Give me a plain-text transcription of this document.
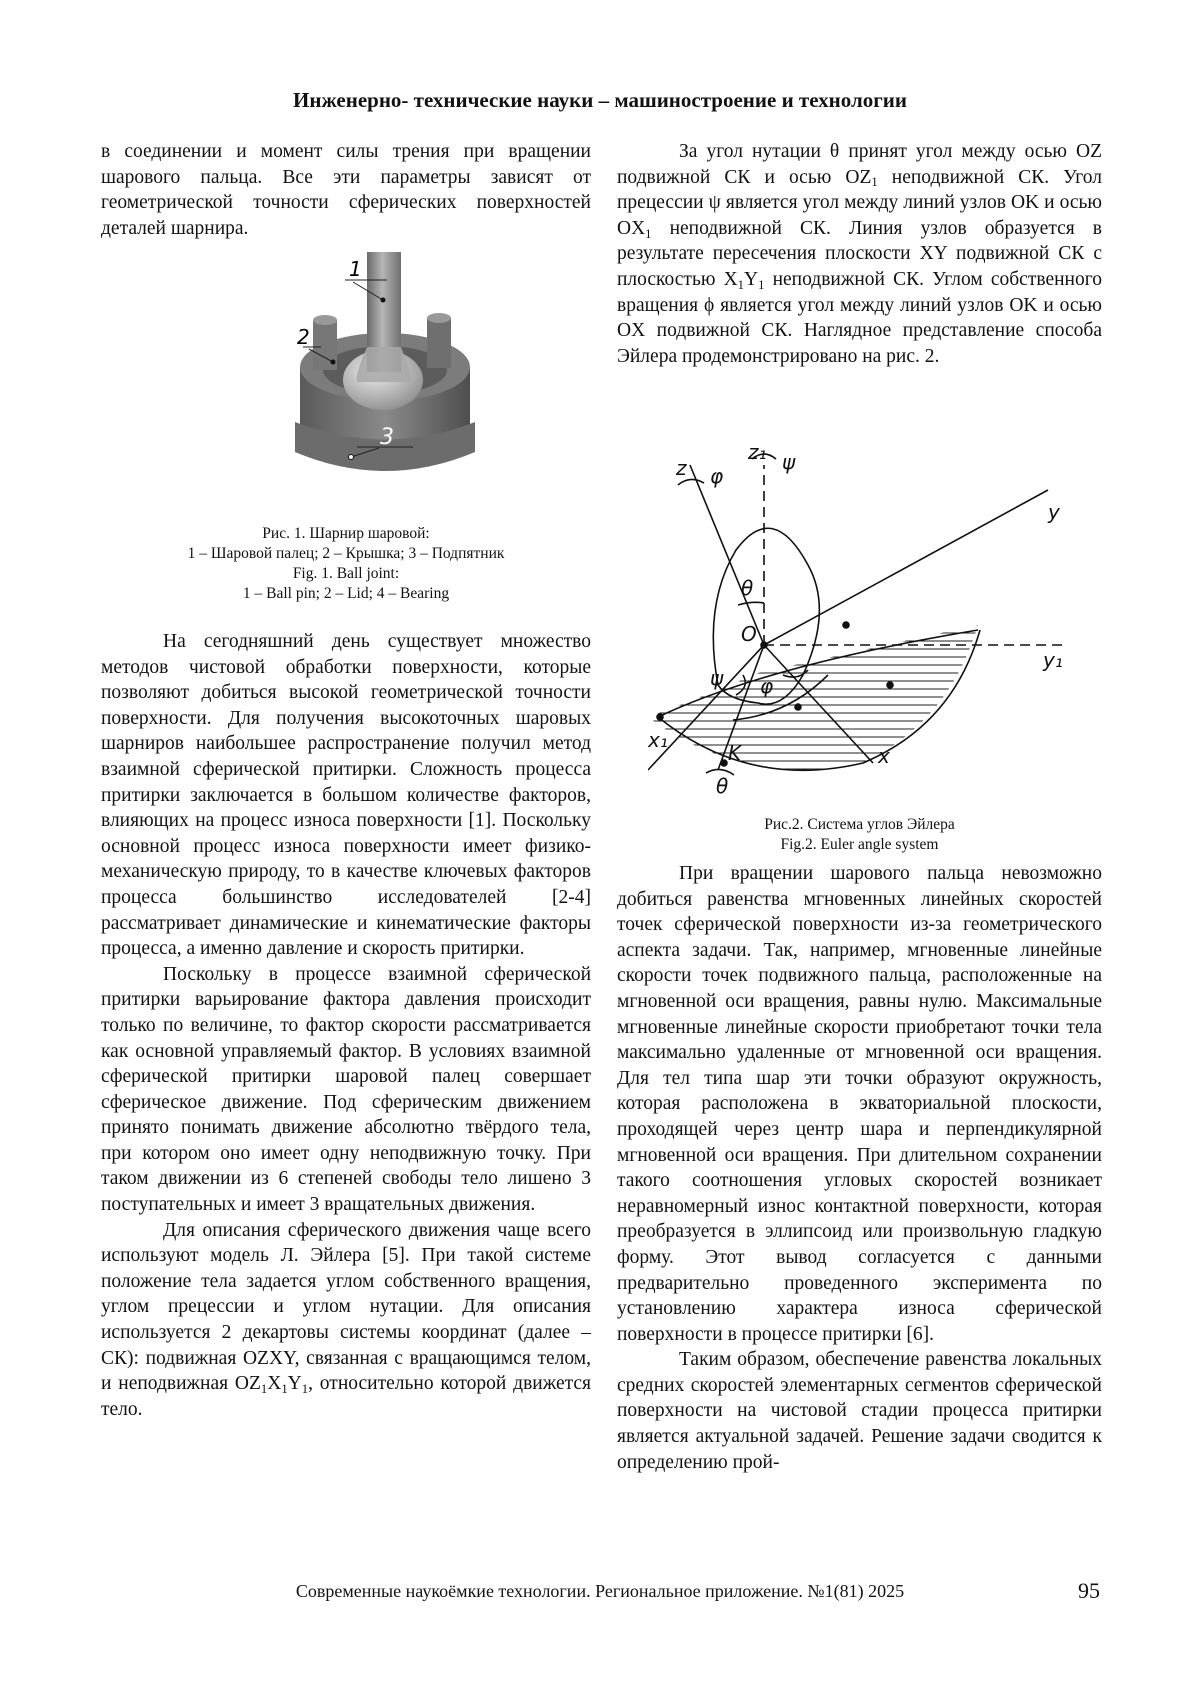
Инженерно- технические науки – машиностроение и технологии

в соединении и момент силы трения при вращении шарового пальца. Все эти параметры зависят от геометрической точности сферических поверхностей деталей шарнира.

1
2
3
Рис. 1. Шарнир шаровой:
1 – Шаровой палец; 2 – Крышка; 3 – Подпятник
Fig. 1. Ball joint:
1 – Ball pin; 2 – Lid; 4 – Bearing

На сегодняшний день существует множество методов чистовой обработки поверхности, которые позволяют добиться высокой геометрической точности поверхности. Для получения высокоточных шаровых шарниров наибольшее распространение получил метод взаимной сферической притирки. Сложность процесса притирки заключается в большом количестве факторов, влияющих на процесс износа поверхности [1]. Поскольку основной процесс износа поверхности имеет физико-механическую природу, то в качестве ключевых факторов процесса большинство исследователей [2-4] рассматривает динамические и кинематические факторы процесса, а именно давление и скорость притирки.

Поскольку в процессе взаимной сферической притирки варьирование фактора давления происходит только по величине, то фактор скорости рассматривается как основной управляемый фактор. В условиях взаимной сферической притирки шаровой палец совершает сферическое движение. Под сферическим движением принято понимать движение абсолютно твёрдого тела, при котором оно имеет одну неподвижную точку. При таком движении из 6 степеней свободы тело лишено 3 поступательных и имеет 3 вращательных движения.

Для описания сферического движения чаще всего используют модель Л. Эйлера [5]. При такой системе положение тела задается углом собственного вращения, углом прецессии и углом нутации. Для описания используется 2 декартовы системы координат (далее – СК): подвижная OZXY, связанная с вращающимся телом, и неподвижная $OZ_1X_1Y_1$, относительно которой движется тело.

За угол нутации θ принят угол между осью OZ подвижной СК и осью $OZ_1$ неподвижной СК. Угол прецессии ψ является угол между линий узлов OK и осью $OX_1$ неподвижной СК. Линия узлов образуется в результате пересечения плоскости XY подвижной СК с плоскостью $X_1Y_1$ неподвижной СК. Углом собственного вращения ϕ является угол между линий узлов OK и осью OX подвижной СК. Наглядное представление способа Эйлера продемонстрировано на рис. 2.

z₁
z φ
ψ
y
θ
O
y₁
ψ φ
x₁
K	x
θ
Рис.2. Система углов Эйлера
Fig.2. Euler angle system

При вращении шарового пальца невозможно добиться равенства мгновенных линейных скоростей точек сферической поверхности из-за геометрического аспекта задачи. Так, например, мгновенные линейные скорости точек подвижного пальца, расположенные на мгновенной оси вращения, равны нулю. Максимальные мгновенные линейные скорости приобретают точки тела максимально удаленные от мгновенной оси вращения. Для тел типа шар эти точки образуют окружность, которая расположена в экваториальной плоскости, проходящей через центр шара и перпендикулярной мгновенной оси вращения. При длительном сохранении такого соотношения угловых скоростей возникает неравномерный износ контактной поверхности, которая преобразуется в эллипсоид или произвольную гладкую форму. Этот вывод согласуется с данными предварительно проведенного эксперимента по установлению характера износа сферической поверхности в процессе притирки [6].

Таким образом, обеспечение равенства локальных средних скоростей элементарных сегментов сферической поверхности на чистовой стадии процесса притирки является актуальной задачей. Решение задачи сводится к определению прой-

Современные наукоёмкие технологии. Региональное приложение. №1(81) 2025	95
